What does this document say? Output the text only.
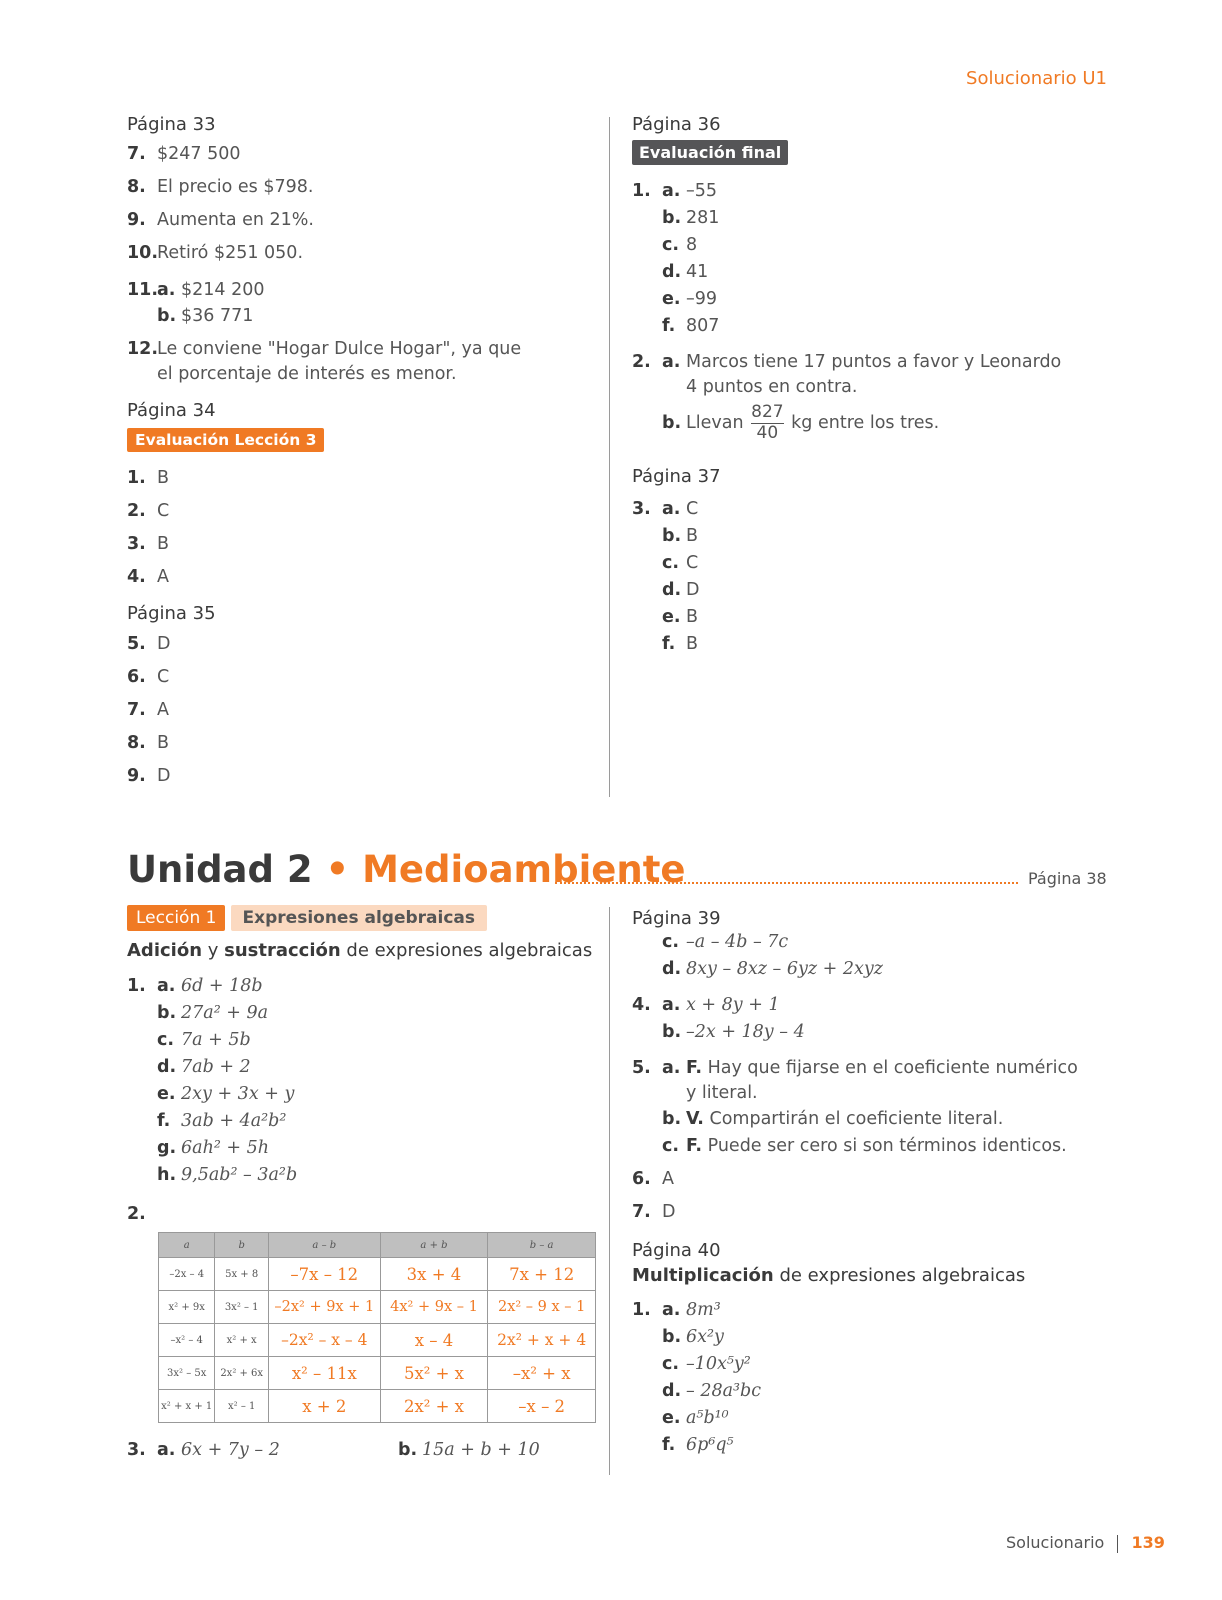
Solucionario U1
Página 33
7. $247 500
8. El precio es $798.
9. Aumenta en 21%.
10.Retiró $251 050.
11.a. $214 200
b. $36 771
12.Le conviene "Hogar Dulce Hogar", ya que
el porcentaje de interés es menor.
Página 34
Evaluación Lección 3
1. B
2. C
3. B
4. A
Página 35
5. D
6. C
7. A
8. B
9. D
Página 36
Evaluación final
1. a. –55
b. 281
c. 8
d. 41
e. –99
f. 807
2. a. Marcos tiene 17 puntos a favor y Leonardo
4 puntos en contra.
b. Llevan $\frac{827}{40}$ kg entre los tres.
Página 37
3. a. C
b. B
c. C
d. D
e. B
f. B
Unidad 2 • Medioambiente	Página 38
Lección 1 Expresiones algebraicas
Adición y sustracción de expresiones algebraicas
1. a. 6d + 18b
b. 27a² + 9a
c. 7a + 5b
d. 7ab + 2
e. 2xy + 3x + y
f. 3ab + 4a²b²
g. 6ah² + 5h
h. 9,5ab² – 3a²b
2.
3. a. 6x + 7y – 2	b. 15a + b + 10
a	b	a – b	a + b	b – a
–2x – 4	5x + 8	–7x – 12	3x + 4	7x + 12
x² + 9x	3x² – 1	–2x² + 9x + 1	4x² + 9x – 1	2x² – 9 x – 1
–x² – 4	x² + x	–2x² – x – 4	x – 4	2x² + x + 4
3x² – 5x	2x² + 6x	x² – 11x	5x² + x	–x² + x
x² + x + 1	x² – 1	x + 2	2x² + x	–x – 2
Página 39
c. –a – 4b – 7c
d. 8xy – 8xz – 6yz + 2xyz
4. a. x + 8y + 1
b. –2x + 18y – 4
5. a. F. Hay que fijarse en el coeficiente numérico
y literal.
b. V. Compartirán el coeficiente literal.
c. F. Puede ser cero si son términos identicos.
6. A
7. D
Página 40
Multiplicación de expresiones algebraicas
1. a. 8m³
b. 6x²y
c. –10x⁵y²
d. – 28a³bc
e. a⁵b¹⁰
f. 6p⁶q⁵
Solucionario 139
